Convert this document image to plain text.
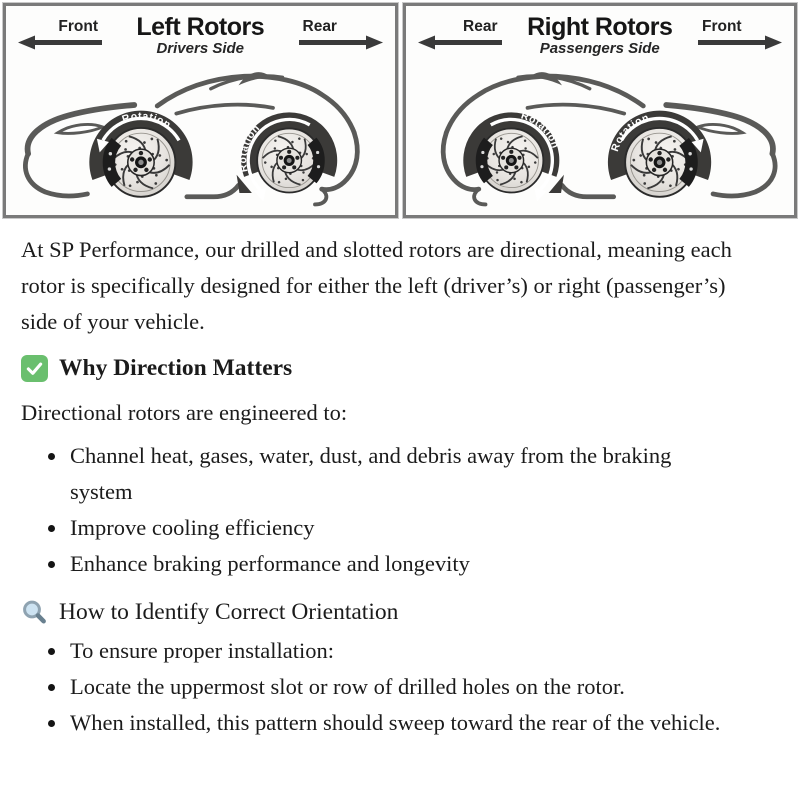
Front	Left Rotors
Drivers Side
Rear
Rotation
Rotation
Rear	Right Rotors
Passengers Side
Front
Rotation	Rotation

At SP Performance, our drilled and slotted rotors are directional, meaning each rotor is specifically designed for either the left (driver’s) or right (passenger’s) side of your vehicle.

Why Direction Matters

Directional rotors are engineered to:

• Channel heat, gases, water, dust, and debris away from the braking system
• Improve cooling efficiency
• Enhance braking performance and longevity
How to Identify Correct Orientation
• To ensure proper installation:
• Locate the uppermost slot or row of drilled holes on the rotor.
• When installed, this pattern should sweep toward the rear of the vehicle.
